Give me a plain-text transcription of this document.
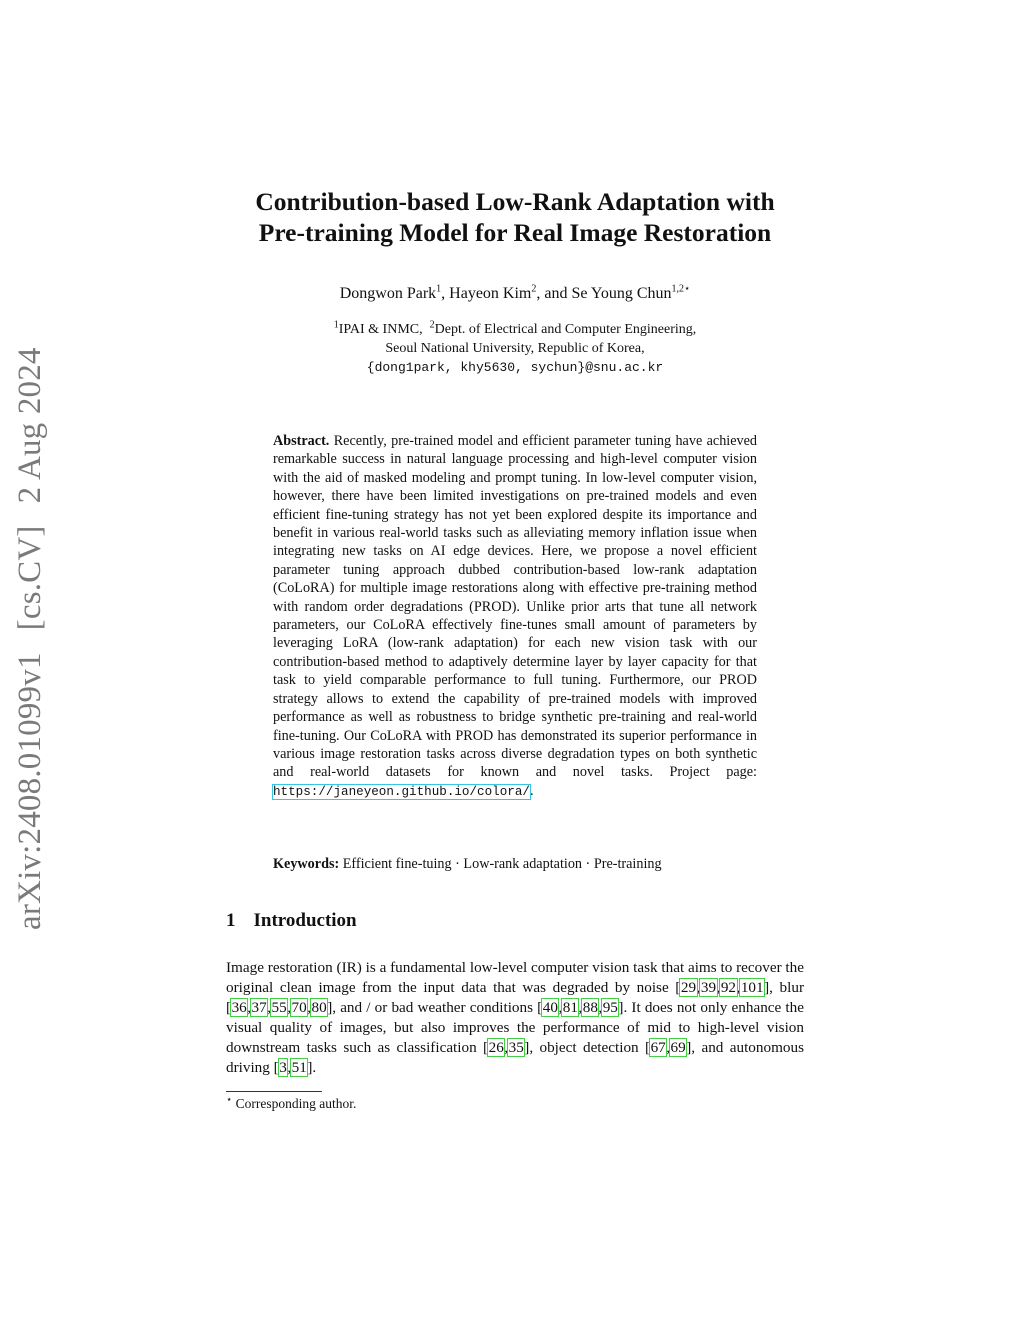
arXiv:2408.01099v1[cs.CV]2 Aug 2024
Contribution-based Low-Rank Adaptation with
Pre-training Model for Real Image Restoration
Dongwon Park$^1$, Hayeon Kim$^2$, and Se Young Chun$^{1,2⋆}$
$^1$IPAI & INMC, $^2$Dept. of Electrical and Computer Engineering,
Seoul National University, Republic of Korea,
{dong1park, khy5630, sychun}@snu.ac.kr
Abstract. Recently, pre-trained model and efficient parameter tuning have achieved remarkable success in natural language processing and high-level computer vision with the aid of masked modeling and prompt tuning. In low-level computer vision, however, there have been limited investigations on pre-trained models and even efficient fine-tuning strategy has not yet been explored despite its importance and benefit in various real-world tasks such as alleviating memory inflation issue when integrating new tasks on AI edge devices. Here, we propose a novel efficient parameter tuning approach dubbed contribution-based low-rank adaptation (CoLoRA) for multiple image restorations along with effective pre-training method with random order degradations (PROD). Unlike prior arts that tune all network parameters, our CoLoRA effectively fine-tunes small amount of parameters by leveraging LoRA (low-rank adaptation) for each new vision task with our contribution-based method to adaptively determine layer by layer capacity for that task to yield comparable performance to full tuning. Furthermore, our PROD strategy allows to extend the capability of pre-trained models with improved performance as well as robustness to bridge synthetic pre-training and real-world fine-tuning. Our CoLoRA with PROD has demonstrated its superior performance in various image restoration tasks across diverse degradation types on both synthetic and real-world datasets for known and novel tasks. Project page: https://janeyeon.github.io/colora/.
Keywords: Efficient fine-tuing · Low-rank adaptation · Pre-training
1 Introduction
Image restoration (IR) is a fundamental low-level computer vision task that aims to recover the original clean image from the input data that was degraded by noise [29,39,92,101], blur [36,37,55,70,80], and / or bad weather conditions [40,81,88,95]. It does not only enhance the visual quality of images, but also improves the performance of mid to high-level vision downstream tasks such as classification [26,35], object detection [67,69], and autonomous driving [3,51].
⋆ Corresponding author.
